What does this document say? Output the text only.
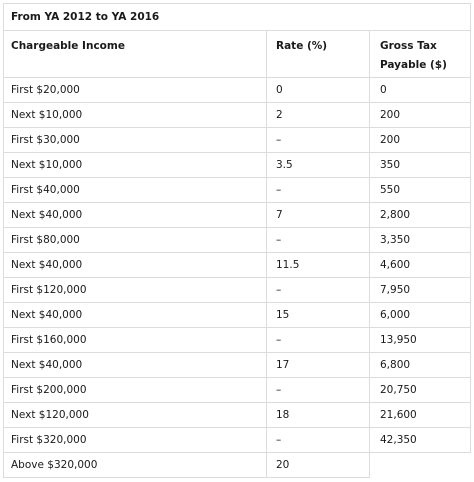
From YA 2012 to YA 2016		
Chargeable Income	Rate (%)	Gross Tax
Payable ($)
First $20,000	0	0
Next $10,000	2	200
First $30,000	–	200
Next $10,000	3.5	350
First $40,000	–	550
Next $40,000	7	2,800
First $80,000	–	3,350
Next $40,000	11.5	4,600
First $120,000	–	7,950
Next $40,000	15	6,000
First $160,000	–	13,950
Next $40,000	17	6,800
First $200,000	–	20,750
Next $120,000	18	21,600
First $320,000	–	42,350
Above $320,000	20	
